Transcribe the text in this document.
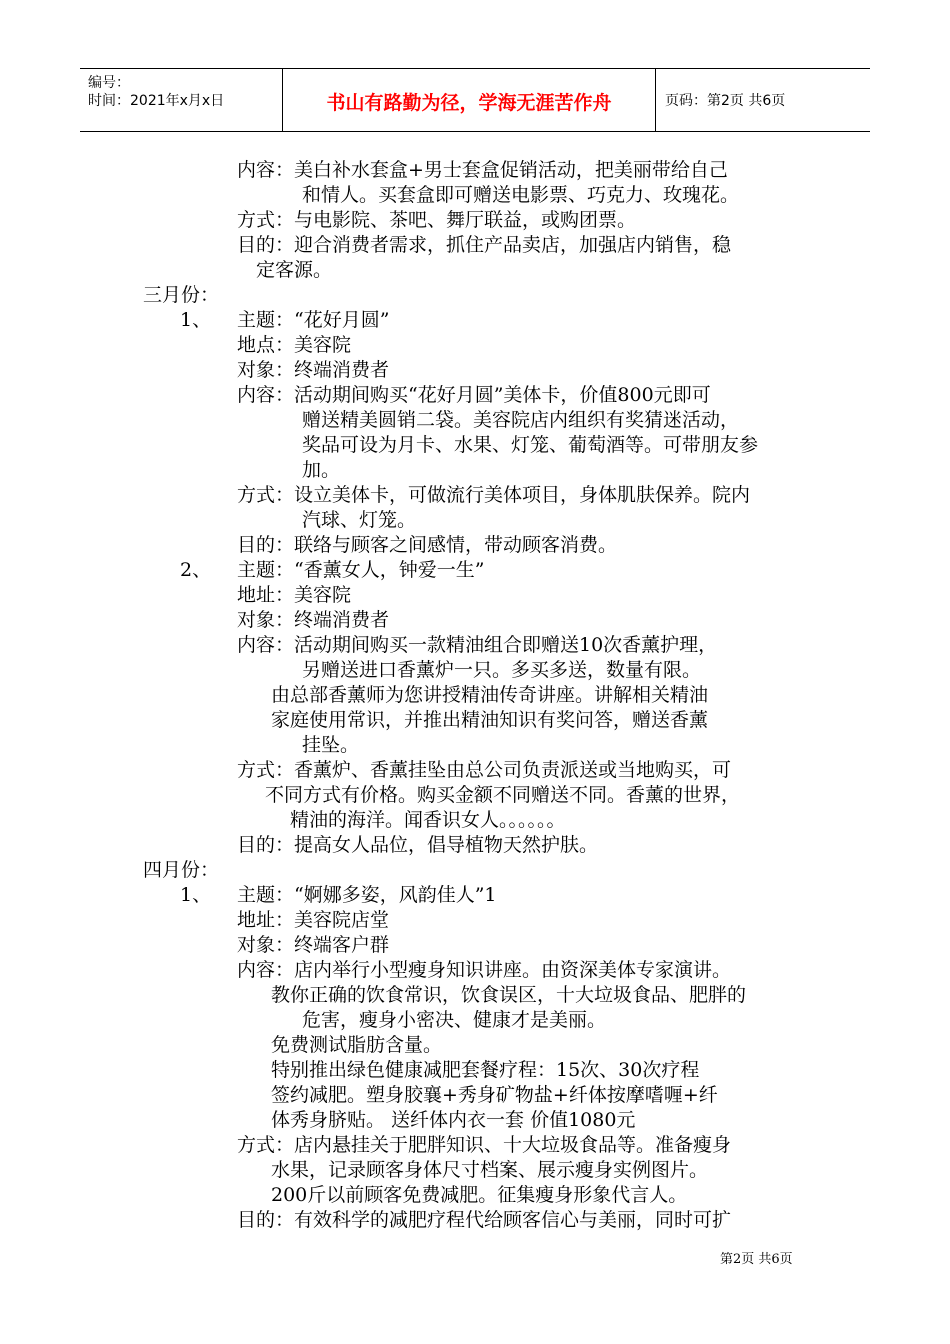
编号：
时间：2021年x月x日	书山有路勤为径，学海无涯苦作舟	页码：第2页 共6页
内容：美白补水套盒+男士套盒促销活动，把美丽带给自己
和情人。买套盒即可赠送电影票、巧克力、玫瑰花。
方式：与电影院、茶吧、舞厅联益，或购团票。
目的：迎合消费者需求，抓住产品卖店，加强店内销售，稳
定客源。
三月份：
1、 主题：“花好月圆”
地点：美容院
对象：终端消费者
内容：活动期间购买“花好月圆”美体卡，价值800元即可
赠送精美圆销二袋。美容院店内组织有奖猜迷活动，
奖品可设为月卡、水果、灯笼、葡萄酒等。可带朋友参
加。
方式：设立美体卡，可做流行美体项目，身体肌肤保养。院内
汽球、灯笼。
目的：联络与顾客之间感情，带动顾客消费。
2、 主题：“香薰女人，钟爱一生”
地址：美容院
对象：终端消费者
内容：活动期间购买一款精油组合即赠送10次香薰护理，
另赠送进口香薰炉一只。多买多送，数量有限。
由总部香薰师为您讲授精油传奇讲座。讲解相关精油
家庭使用常识，并推出精油知识有奖问答，赠送香薰
挂坠。
方式：香薰炉、香薰挂坠由总公司负责派送或当地购买，可
不同方式有价格。购买金额不同赠送不同。香薰的世界，
精油的海洋。闻香识女人。。。。。。
目的：提高女人品位，倡导植物天然护肤。
四月份：
1、 主题：“婀娜多姿，风韵佳人”1
地址：美容院店堂
对象：终端客户群
内容：店内举行小型瘦身知识讲座。由资深美体专家演讲。
教你正确的饮食常识，饮食误区，十大垃圾食品、肥胖的
危害，瘦身小密决、健康才是美丽。
免费测试脂肪含量。
特别推出绿色健康减肥套餐疗程：15次、30次疗程
签约减肥。塑身胶襄+秀身矿物盐+纤体按摩嗜喱+纤
体秀身脐贴。 送纤体内衣一套 价值1080元
方式：店内悬挂关于肥胖知识、十大垃圾食品等。准备瘦身
水果，记录顾客身体尺寸档案、展示瘦身实例图片。
200斤以前顾客免费减肥。征集瘦身形象代言人。
目的：有效科学的减肥疗程代给顾客信心与美丽，同时可扩
第2页 共6页
